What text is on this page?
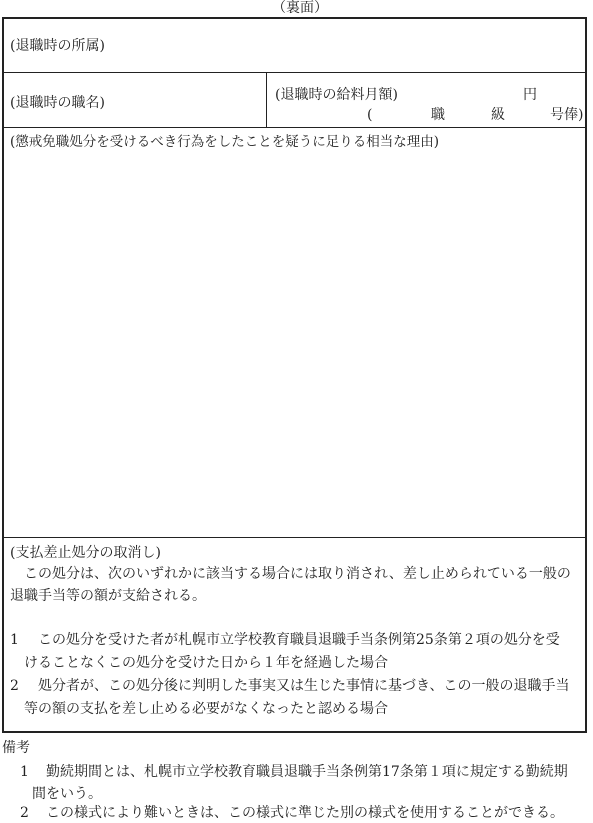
（裏面）
(退職時の所属)
(退職時の職名)	(退職時の給料月額)	円
(	職	級	号俸)
(懲戒免職処分を受けるべき行為をしたことを疑うに足りる相当な理由)
(支払差止処分の取消し)
この処分は、次のいずれかに該当する場合には取り消され、差し止められている一般の
退職手当等の額が支給される。
1 この処分を受けた者が札幌市立学校教育職員退職手当条例第25条第２項の処分を受
けることなくこの処分を受けた日から１年を経過した場合
2 処分者が、この処分後に判明した事実又は生じた事情に基づき、この一般の退職手当
等の額の支払を差し止める必要がなくなったと認める場合
備考
1 勤続期間とは、札幌市立学校教育職員退職手当条例第17条第１項に規定する勤続期
間をいう。
2 この様式により難いときは、この様式に準じた別の様式を使用することができる。
